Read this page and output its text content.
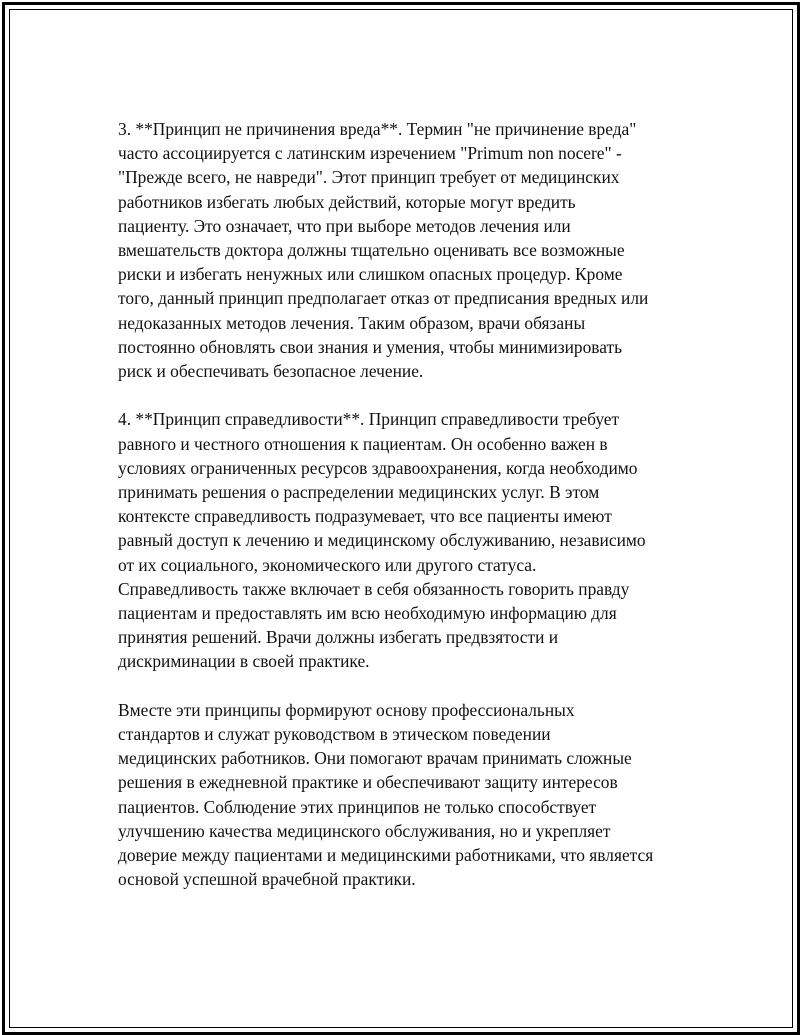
3. **Принцип не причинения вреда**. Термин "не причинение вреда"
часто ассоциируется с латинским изречением "Primum non nocere" -
"Прежде всего, не навреди". Этот принцип требует от медицинских
работников избегать любых действий, которые могут вредить
пациенту. Это означает, что при выборе методов лечения или
вмешательств доктора должны тщательно оценивать все возможные
риски и избегать ненужных или слишком опасных процедур. Кроме
того, данный принцип предполагает отказ от предписания вредных или
недоказанных методов лечения. Таким образом, врачи обязаны
постоянно обновлять свои знания и умения, чтобы минимизировать
риск и обеспечивать безопасное лечение.
4. **Принцип справедливости**. Принцип справедливости требует
равного и честного отношения к пациентам. Он особенно важен в
условиях ограниченных ресурсов здравоохранения, когда необходимо
принимать решения о распределении медицинских услуг. В этом
контексте справедливость подразумевает, что все пациенты имеют
равный доступ к лечению и медицинскому обслуживанию, независимо
от их социального, экономического или другого статуса.
Справедливость также включает в себя обязанность говорить правду
пациентам и предоставлять им всю необходимую информацию для
принятия решений. Врачи должны избегать предвзятости и
дискриминации в своей практике.
Вместе эти принципы формируют основу профессиональных
стандартов и служат руководством в этическом поведении
медицинских работников. Они помогают врачам принимать сложные
решения в ежедневной практике и обеспечивают защиту интересов
пациентов. Соблюдение этих принципов не только способствует
улучшению качества медицинского обслуживания, но и укрепляет
доверие между пациентами и медицинскими работниками, что является
основой успешной врачебной практики.
